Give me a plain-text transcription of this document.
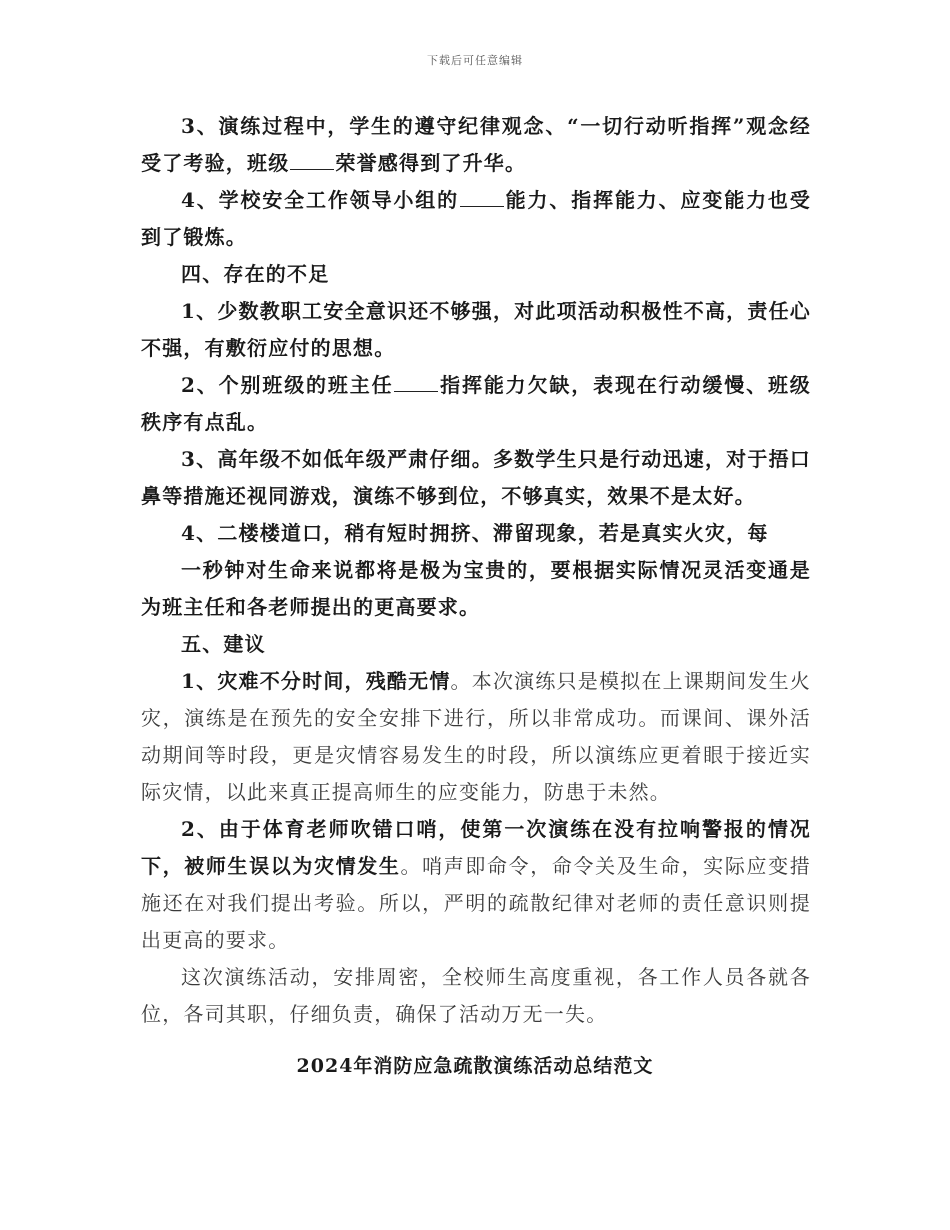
下载后可任意编辑

3、演练过程中，学生的遵守纪律观念、“一切行动听指挥”观念经受了考验，班级 荣誉感得到了升华。

4、学校安全工作领导小组的 能力、指挥能力、应变能力也受到了锻炼。

四、存在的不足

1、少数教职工安全意识还不够强，对此项活动积极性不高，责任心不强，有敷衍应付的思想。

2、个别班级的班主任 指挥能力欠缺，表现在行动缓慢、班级秩序有点乱。

3、高年级不如低年级严肃仔细。多数学生只是行动迅速，对于捂口鼻等措施还视同游戏，演练不够到位，不够真实，效果不是太好。

4、二楼楼道口，稍有短时拥挤、滞留现象，若是真实火灾，每

一秒钟对生命来说都将是极为宝贵的，要根据实际情况灵活变通是为班主任和各老师提出的更高要求。

五、建议

1、灾难不分时间，残酷无情。本次演练只是模拟在上课期间发生火灾，演练是在预先的安全安排下进行，所以非常成功。而课间、课外活动期间等时段，更是灾情容易发生的时段，所以演练应更着眼于接近实际灾情，以此来真正提高师生的应变能力，防患于未然。

2、由于体育老师吹错口哨，使第一次演练在没有拉响警报的情况下，被师生误以为灾情发生。哨声即命令，命令关及生命，实际应变措施还在对我们提出考验。所以，严明的疏散纪律对老师的责任意识则提出更高的要求。

这次演练活动，安排周密，全校师生高度重视，各工作人员各就各位，各司其职，仔细负责，确保了活动万无一失。

2024年消防应急疏散演练活动总结范文
